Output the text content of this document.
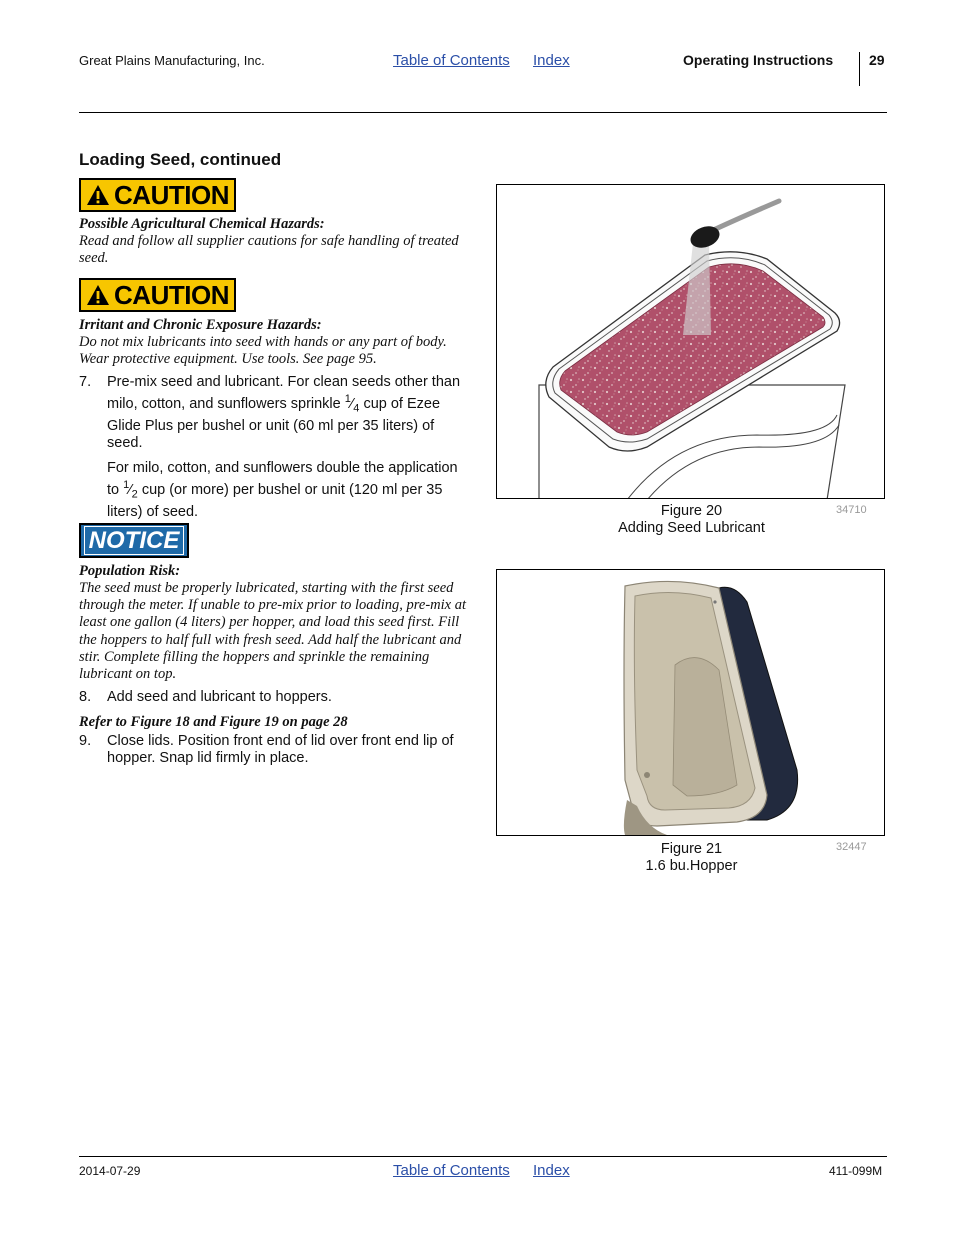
Great Plains Manufacturing, Inc.	Table of Contents Index	Operating Instructions	29
Loading Seed, continued
CAUTION
Possible Agricultural Chemical Hazards:
Read and follow all supplier cautions for safe handling of treated seed.
CAUTION
Irritant and Chronic Exposure Hazards:
Do not mix lubricants into seed with hands or any part of body. Wear protective equipment. Use tools. See page 95.
7. Pre-mix seed and lubricant. For clean seeds other than milo, cotton, and sunflowers sprinkle $^1⁄_4$ cup of Ezee Glide Plus per bushel or unit (60 ml per 35 liters) of seed.
For milo, cotton, and sunflowers double the application to $^1⁄_2$ cup (or more) per bushel or unit (120 ml per 35 liters) of seed.
NOTICE
Population Risk:
The seed must be properly lubricated, starting with the first seed through the meter. If unable to pre-mix prior to loading, pre-mix at least one gallon (4 liters) per hopper, and load this seed first. Fill the hoppers to half full with fresh seed. Add half the lubricant and stir. Complete filling the hoppers and sprinkle the remaining lubricant on top.
8. Add seed and lubricant to hoppers.
Refer to Figure 18 and Figure 19 on page 28
9. Close lids. Position front end of lid over front end lip of hopper. Snap lid firmly in place.
Figure 20
Adding Seed Lubricant
34710
Figure 21
1.6 bu.Hopper
32447
2014-07-29	Table of Contents Index	411-099M
